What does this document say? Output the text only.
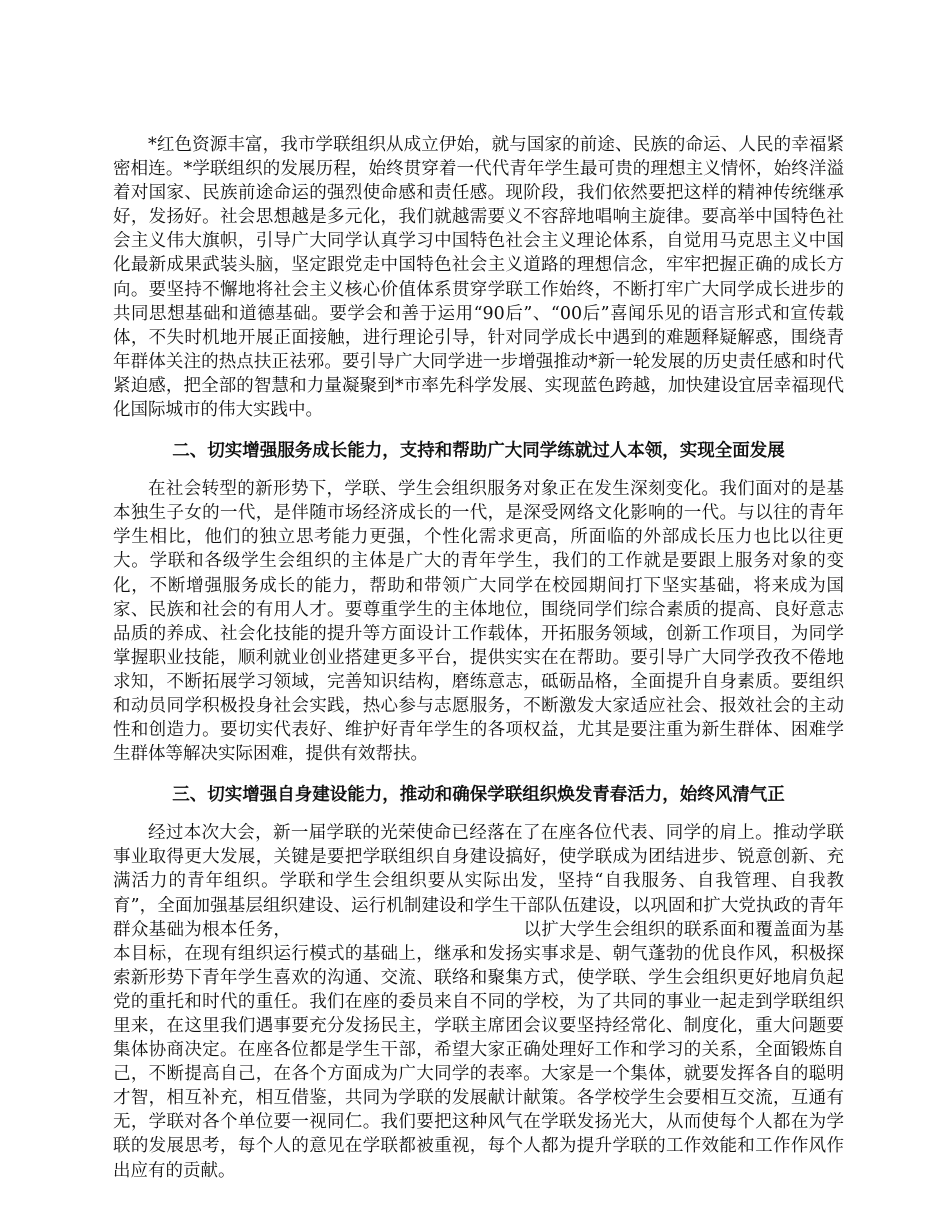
*红色资源丰富，我市学联组织从成立伊始，就与国家的前途、民族的命运、人民的幸福紧密相连。*学联组织的发展历程，始终贯穿着一代代青年学生最可贵的理想主义情怀，始终洋溢着对国家、民族前途命运的强烈使命感和责任感。现阶段，我们依然要把这样的精神传统继承好，发扬好。社会思想越是多元化，我们就越需要义不容辞地唱响主旋律。要高举中国特色社会主义伟大旗帜，引导广大同学认真学习中国特色社会主义理论体系，自觉用马克思主义中国化最新成果武装头脑，坚定跟党走中国特色社会主义道路的理想信念，牢牢把握正确的成长方向。要坚持不懈地将社会主义核心价值体系贯穿学联工作始终，不断打牢广大同学成长进步的共同思想基础和道德基础。要学会和善于运用“90后”、“00后”喜闻乐见的语言形式和宣传载体，不失时机地开展正面接触，进行理论引导，针对同学成长中遇到的难题释疑解惑，围绕青年群体关注的热点扶正祛邪。要引导广大同学进一步增强推动*新一轮发展的历史责任感和时代紧迫感，把全部的智慧和力量凝聚到*市率先科学发展、实现蓝色跨越，加快建设宜居幸福现代化国际城市的伟大实践中。

二、切实增强服务成长能力，支持和帮助广大同学练就过人本领，实现全面发展

在社会转型的新形势下，学联、学生会组织服务对象正在发生深刻变化。我们面对的是基本独生子女的一代，是伴随市场经济成长的一代，是深受网络文化影响的一代。与以往的青年学生相比，他们的独立思考能力更强，个性化需求更高，所面临的外部成长压力也比以往更大。学联和各级学生会组织的主体是广大的青年学生，我们的工作就是要跟上服务对象的变化，不断增强服务成长的能力，帮助和带领广大同学在校园期间打下坚实基础，将来成为国家、民族和社会的有用人才。要尊重学生的主体地位，围绕同学们综合素质的提高、良好意志品质的养成、社会化技能的提升等方面设计工作载体，开拓服务领域，创新工作项目，为同学掌握职业技能，顺利就业创业搭建更多平台，提供实实在在帮助。要引导广大同学孜孜不倦地求知，不断拓展学习领域，完善知识结构，磨练意志，砥砺品格，全面提升自身素质。要组织和动员同学积极投身社会实践，热心参与志愿服务，不断激发大家适应社会、报效社会的主动性和创造力。要切实代表好、维护好青年学生的各项权益，尤其是要注重为新生群体、困难学生群体等解决实际困难，提供有效帮扶。

三、切实增强自身建设能力，推动和确保学联组织焕发青春活力，始终风清气正

经过本次大会，新一届学联的光荣使命已经落在了在座各位代表、同学的肩上。推动学联事业取得更大发展，关键是要把学联组织自身建设搞好，使学联成为团结进步、锐意创新、充满活力的青年组织。学联和学生会组织要从实际出发，坚持“自我服务、自我管理、自我教育”，全面加强基层组织建设、运行机制建设和学生干部队伍建设，以巩固和扩大党执政的青年群众基础为根本任务，	以扩大学生会组织的联系面和覆盖面为基本目标，在现有组织运行模式的基础上，继承和发扬实事求是、朝气蓬勃的优良作风，积极探索新形势下青年学生喜欢的沟通、交流、联络和聚集方式，使学联、学生会组织更好地肩负起党的重托和时代的重任。我们在座的委员来自不同的学校，为了共同的事业一起走到学联组织里来，在这里我们遇事要充分发扬民主，学联主席团会议要坚持经常化、制度化，重大问题要集体协商决定。在座各位都是学生干部，希望大家正确处理好工作和学习的关系，全面锻炼自己，不断提高自己，在各个方面成为广大同学的表率。大家是一个集体，就要发挥各自的聪明才智，相互补充，相互借鉴，共同为学联的发展献计献策。各学校学生会要相互交流，互通有无，学联对各个单位要一视同仁。我们要把这种风气在学联发扬光大，从而使每个人都在为学联的发展思考，每个人的意见在学联都被重视，每个人都为提升学联的工作效能和工作作风作出应有的贡献。
